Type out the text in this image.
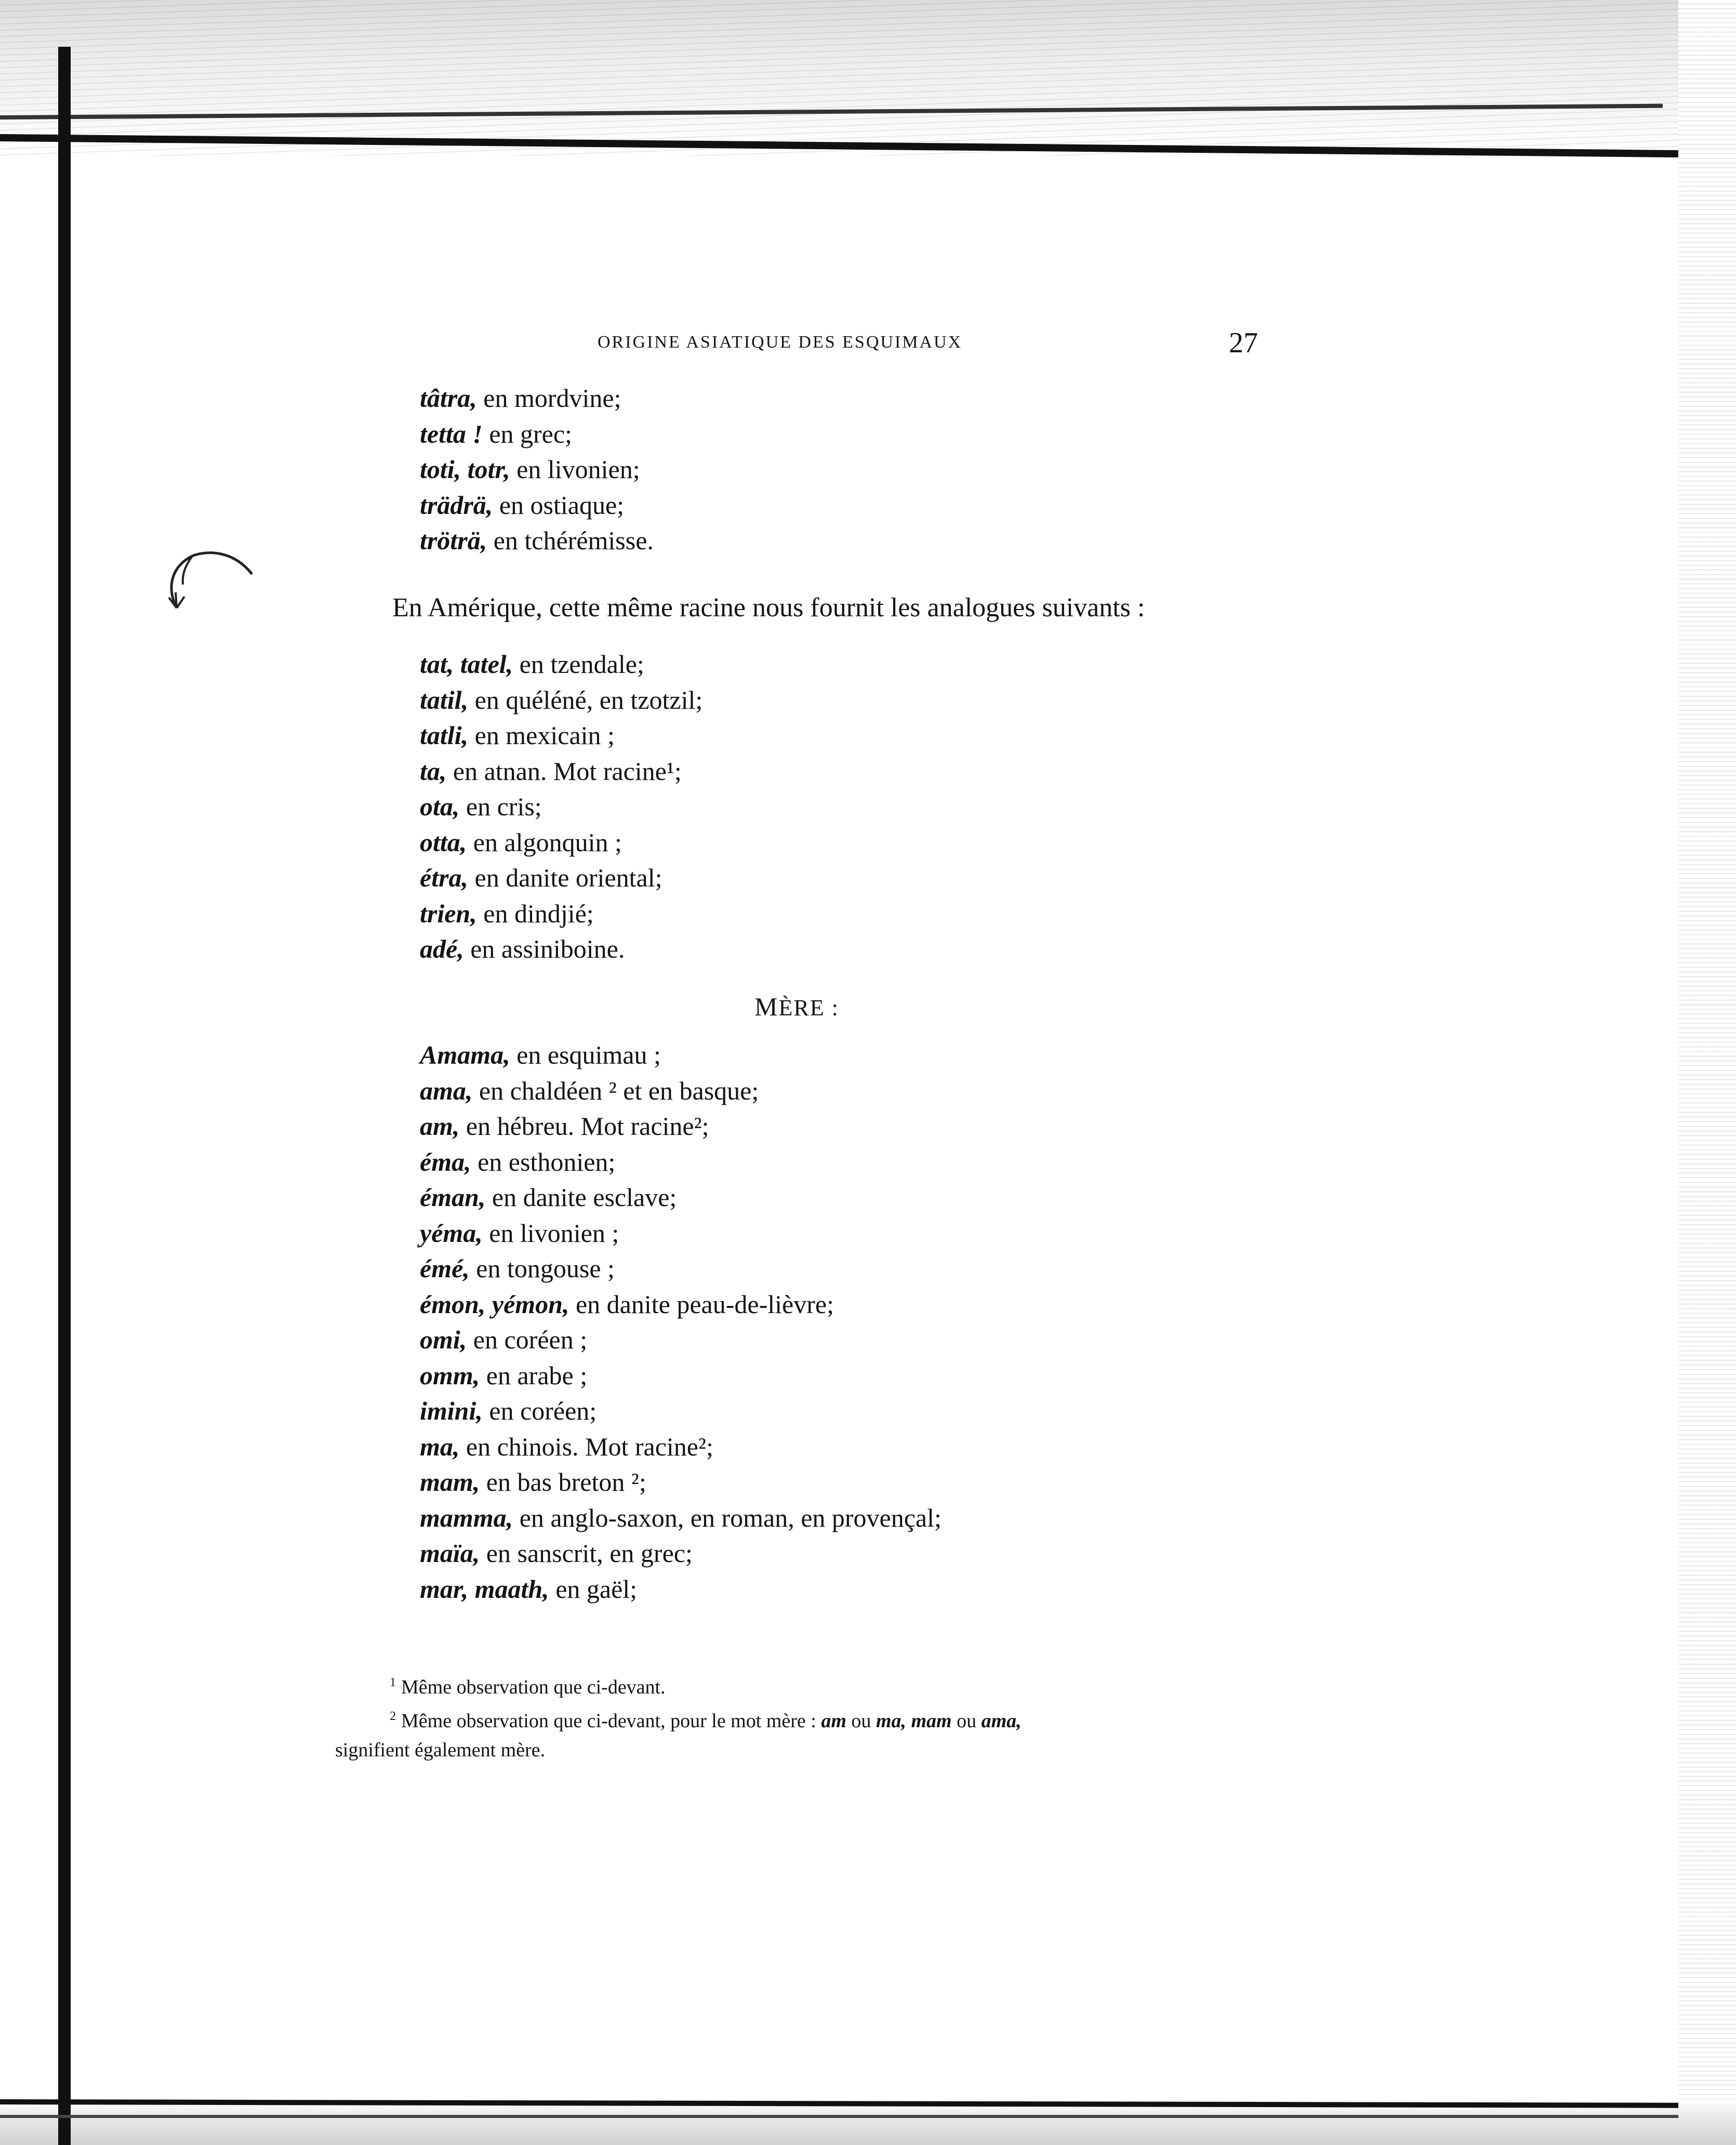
ORIGINE ASIATIQUE DES ESQUIMAUX	27
tâtra, en mordvine;
tetta ! en grec;
toti, totr, en livonien;
trädrä, en ostiaque;
tröträ, en tchérémisse.
En Amérique, cette même racine nous fournit les analogues suivants :
tat, tatel, en tzendale;
tatil, en quéléné, en tzotzil;
tatli, en mexicain ;
ta, en atnan. Mot racine¹;
ota, en cris;
otta, en algonquin ;
étra, en danite oriental;
trien, en dindjié;
adé, en assiniboine.
MÈRE :
Amama, en esquimau ;
ama, en chaldéen ² et en basque;
am, en hébreu. Mot racine²;
éma, en esthonien;
éman, en danite esclave;
yéma, en livonien ;
émé, en tongouse ;
émon, yémon, en danite peau-de-lièvre;
omi, en coréen ;
omm, en arabe ;
imini, en coréen;
ma, en chinois. Mot racine²;
mam, en bas breton ²;
mamma, en anglo-saxon, en roman, en provençal;
maïa, en sanscrit, en grec;
mar, maath, en gaël;
$^1$ Même observation que ci-devant.
$^2$ Même observation que ci-devant, pour le mot mère : am ou ma, mam ou ama,
signifient également mère.
